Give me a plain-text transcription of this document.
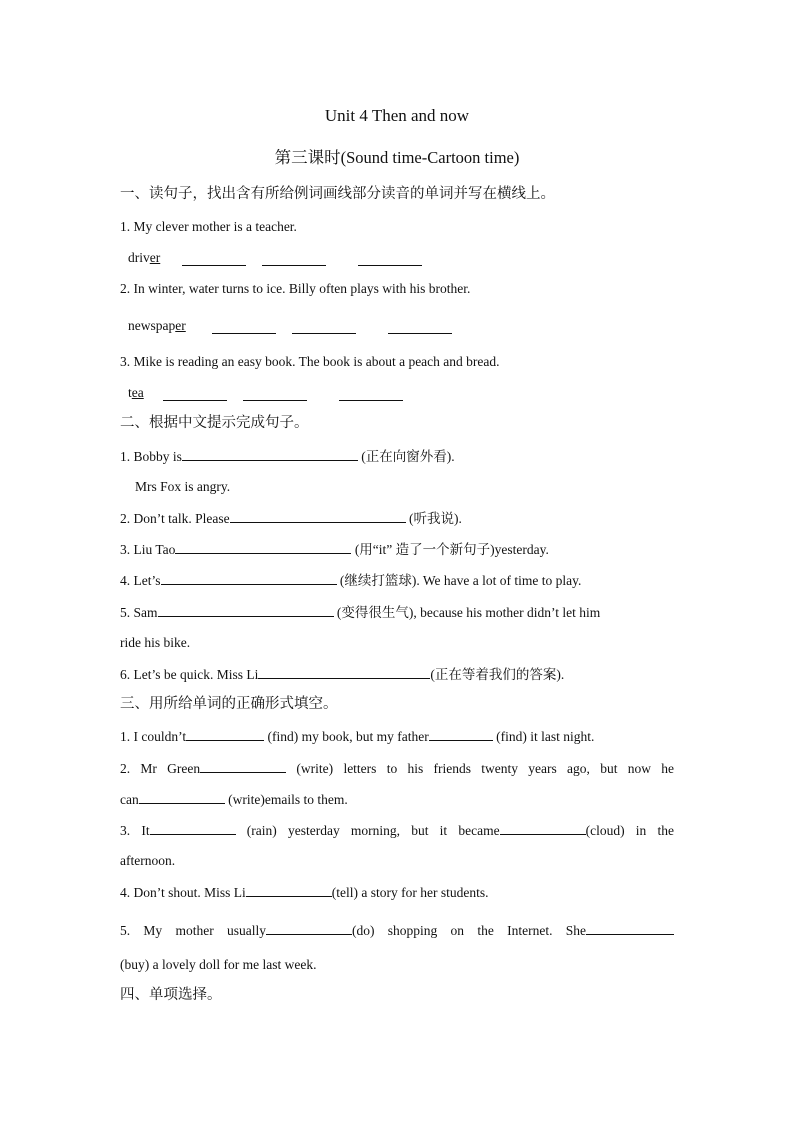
Unit 4 Then and now

第三课时(Sound time-Cartoon time)

一、读句子，找出含有所给例词画线部分读音的单词并写在横线上。

1. My clever mother is a teacher.

driver

2. In winter, water turns to ice. Billy often plays with his brother.

newspaper

3. Mike is reading an easy book. The book is about a peach and bread.

tea

二、根据中文提示完成句子。

1. Bobby is	(正在向窗外看).

Mrs Fox is angry.

2. Don’t talk. Please	(听我说).

3. Liu Tao	(用“it” 造了一个新句子)yesterday.

4. Let’s	(继续打篮球). We have a lot of time to play.

5. Sam	(变得很生气), because his mother didn’t let him

ride his bike.

6. Let’s be quick. Miss Li	(正在等着我们的答案).

三、用所给单词的正确形式填空。

1. I couldn’t	(find) my book, but my father	(find) it last night.

2. Mr Green	(write) letters to his friends twenty years ago, but now he

can	(write)emails to them.

3. It	(rain) yesterday morning, but it became	(cloud) in the

afternoon.

4. Don’t shout. Miss Li	(tell) a story for her students.

5. My mother usually	(do) shopping on the Internet. She

(buy) a lovely doll for me last week.

四、单项选择。
